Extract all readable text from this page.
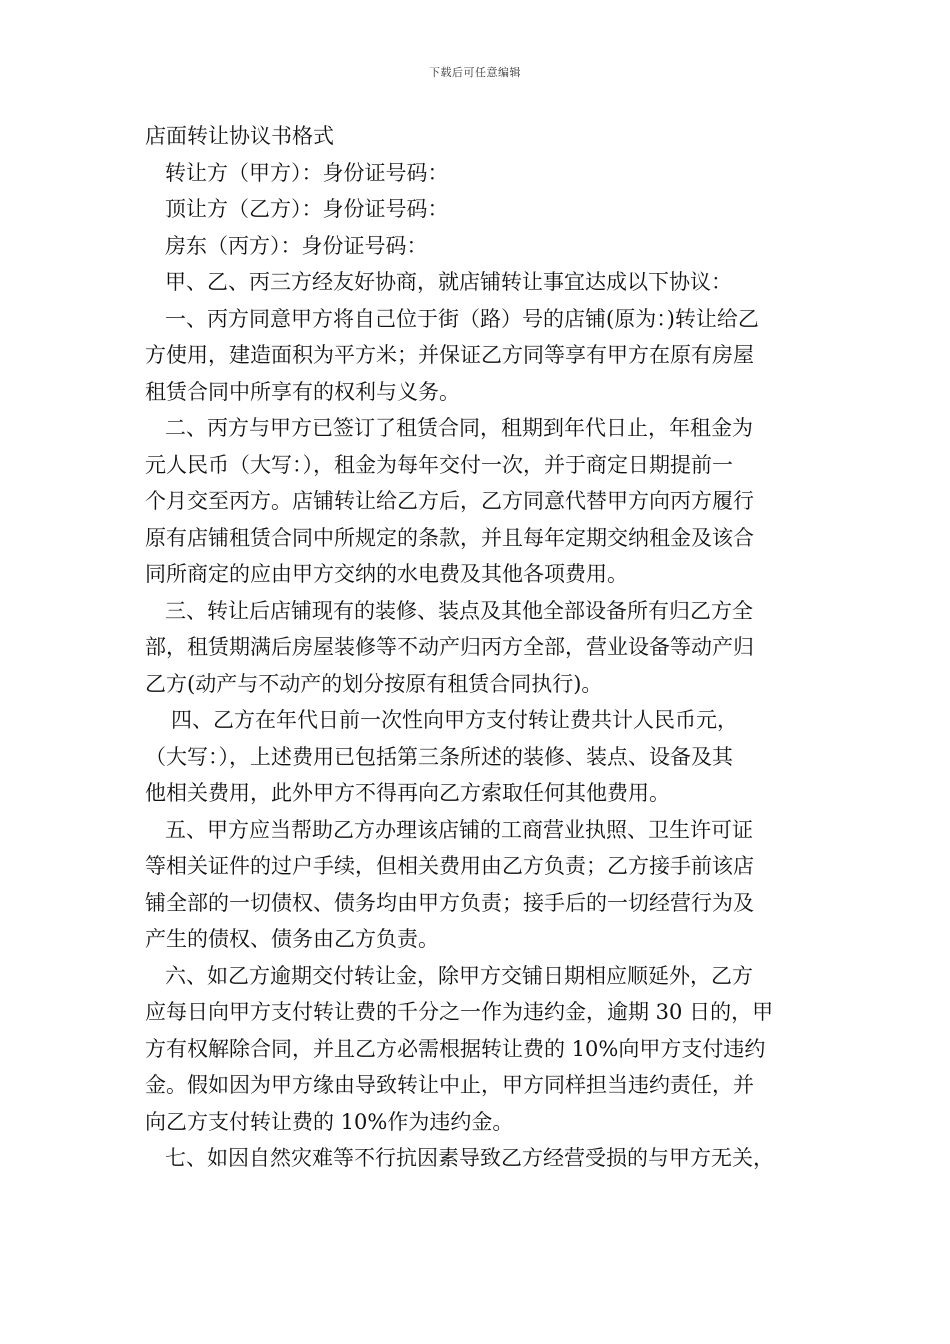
下载后可任意编辑
店面转让协议书格式
转让方（甲方）：身份证号码：
顶让方（乙方）：身份证号码：
房东（丙方）：身份证号码：
甲、乙、丙三方经友好协商，就店铺转让事宜达成以下协议：
一、丙方同意甲方将自己位于街（路）号的店铺(原为：)转让给乙
方使用，建造面积为平方米；并保证乙方同等享有甲方在原有房屋
租赁合同中所享有的权利与义务。
二、丙方与甲方已签订了租赁合同，租期到年代日止，年租金为
元人民币（大写：），租金为每年交付一次，并于商定日期提前一
个月交至丙方。店铺转让给乙方后，乙方同意代替甲方向丙方履行
原有店铺租赁合同中所规定的条款，并且每年定期交纳租金及该合
同所商定的应由甲方交纳的水电费及其他各项费用。
三、转让后店铺现有的装修、装点及其他全部设备所有归乙方全
部，租赁期满后房屋装修等不动产归丙方全部，营业设备等动产归
乙方(动产与不动产的划分按原有租赁合同执行)。
四、乙方在年代日前一次性向甲方支付转让费共计人民币元，
（大写：），上述费用已包括第三条所述的装修、装点、设备及其
他相关费用，此外甲方不得再向乙方索取任何其他费用。
五、甲方应当帮助乙方办理该店铺的工商营业执照、卫生许可证
等相关证件的过户手续，但相关费用由乙方负责；乙方接手前该店
铺全部的一切债权、债务均由甲方负责；接手后的一切经营行为及
产生的债权、债务由乙方负责。
六、如乙方逾期交付转让金，除甲方交铺日期相应顺延外，乙方
应每日向甲方支付转让费的千分之一作为违约金，逾期 30 日的，甲
方有权解除合同，并且乙方必需根据转让费的 10%向甲方支付违约
金。假如因为甲方缘由导致转让中止，甲方同样担当违约责任，并
向乙方支付转让费的 10%作为违约金。
七、如因自然灾难等不行抗因素导致乙方经营受损的与甲方无关，
